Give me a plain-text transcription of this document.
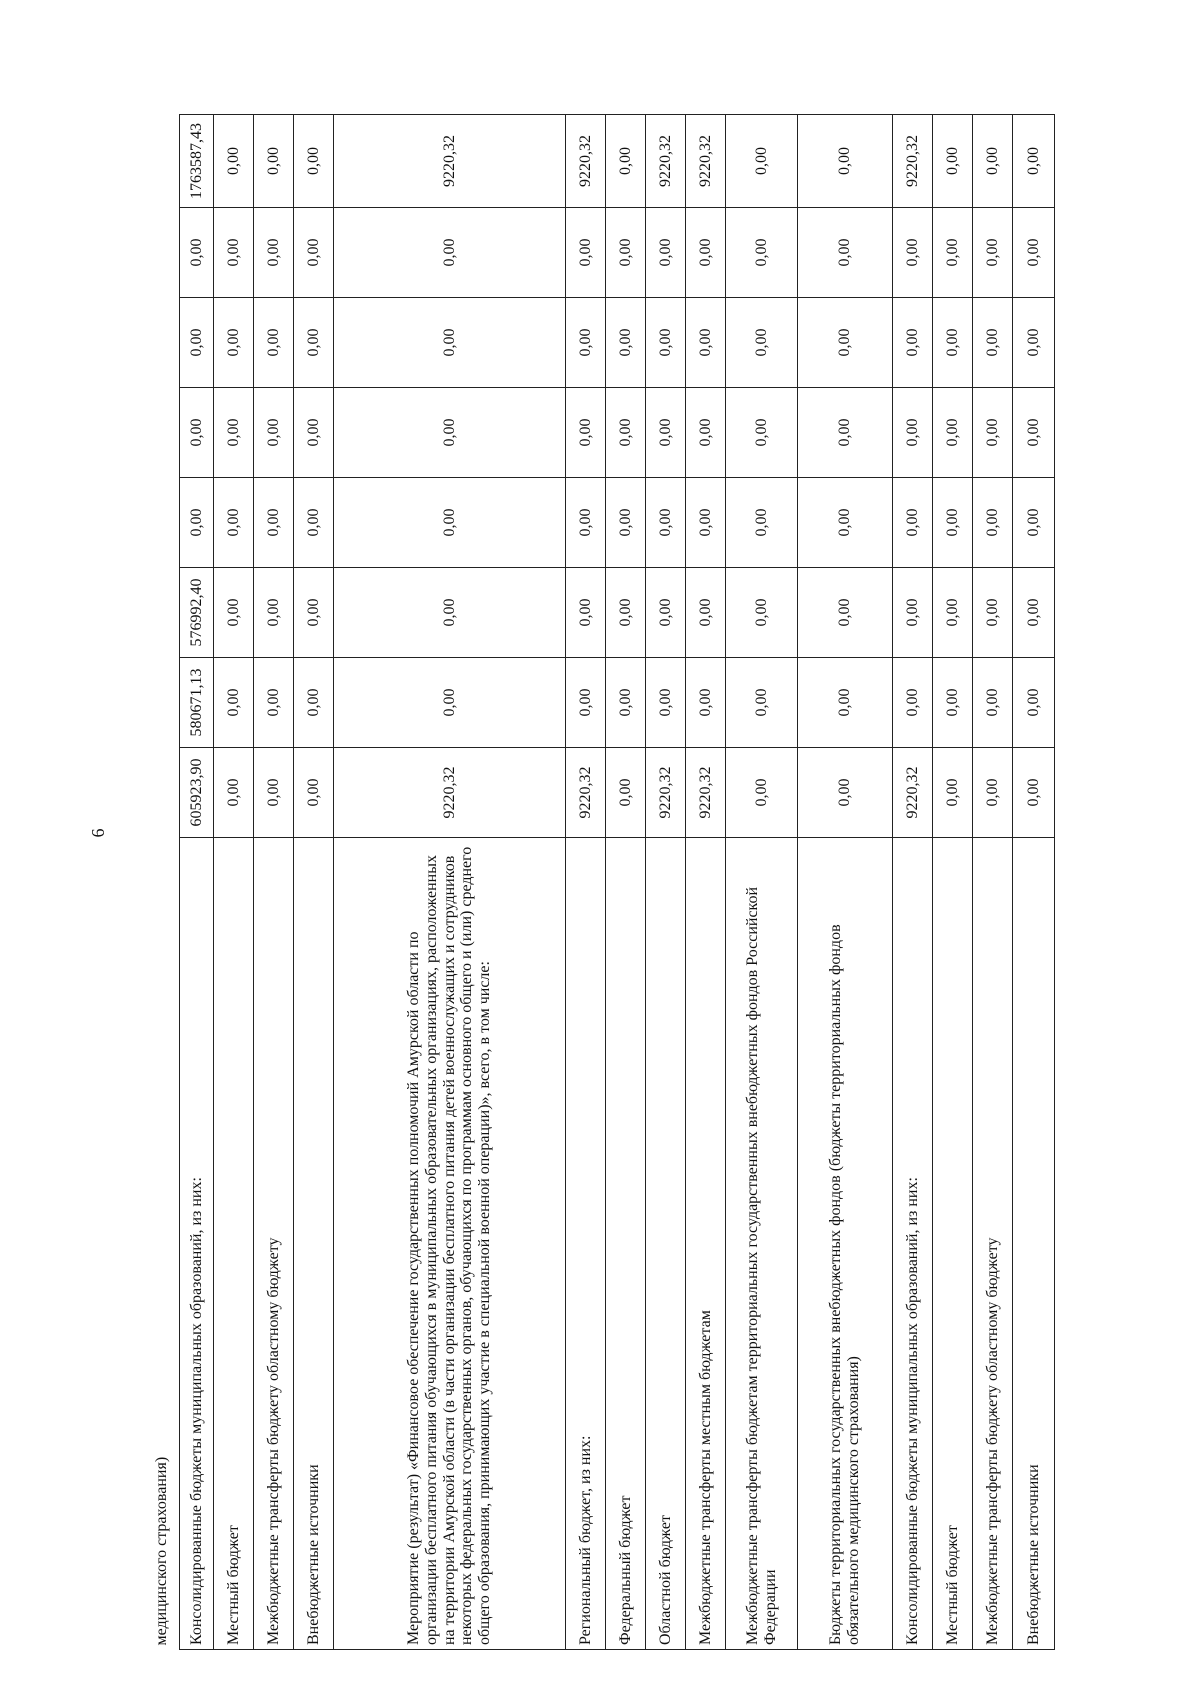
6
медицинского страхования)								
Консолидированные бюджеты муниципальных образований, из них:	605923,90	580671,13	576992,40	0,00	0,00	0,00	0,00	1763587,43
Местный бюджет	0,00	0,00	0,00	0,00	0,00	0,00	0,00	0,00
Межбюджетные трансферты бюджету областному бюджету	0,00	0,00	0,00	0,00	0,00	0,00	0,00	0,00
Внебюджетные источники	0,00	0,00	0,00	0,00	0,00	0,00	0,00	0,00
Мероприятие (результат) «Финансовое обеспечение государственных полномочий Амурской области по организации бесплатного питания обучающихся в муниципальных образовательных организациях, расположенных на территории Амурской области (в части организации бесплатного питания детей военнослужащих и сотрудников некоторых федеральных государственных органов, обучающихся по программам основного общего и (или) среднего общего образования, принимающих участие в специальной военной операции)», всего, в том числе:	9220,32	0,00	0,00	0,00	0,00	0,00	0,00	9220,32
Региональный бюджет, из них:	9220,32	0,00	0,00	0,00	0,00	0,00	0,00	9220,32
Федеральный бюджет	0,00	0,00	0,00	0,00	0,00	0,00	0,00	0,00
Областной бюджет	9220,32	0,00	0,00	0,00	0,00	0,00	0,00	9220,32
Межбюджетные трансферты местным бюджетам	9220,32	0,00	0,00	0,00	0,00	0,00	0,00	9220,32
Межбюджетные трансферты бюджетам территориальных государственных внебюджетных фондов Российской Федерации	0,00	0,00	0,00	0,00	0,00	0,00	0,00	0,00
Бюджеты территориальных государственных внебюджетных фондов (бюджеты территориальных фондов обязательного медицинского страхования)	0,00	0,00	0,00	0,00	0,00	0,00	0,00	0,00
Консолидированные бюджеты муниципальных образований, из них:	9220,32	0,00	0,00	0,00	0,00	0,00	0,00	9220,32
Местный бюджет	0,00	0,00	0,00	0,00	0,00	0,00	0,00	0,00
Межбюджетные трансферты бюджету областному бюджету	0,00	0,00	0,00	0,00	0,00	0,00	0,00	0,00
Внебюджетные источники	0,00	0,00	0,00	0,00	0,00	0,00	0,00	0,00
